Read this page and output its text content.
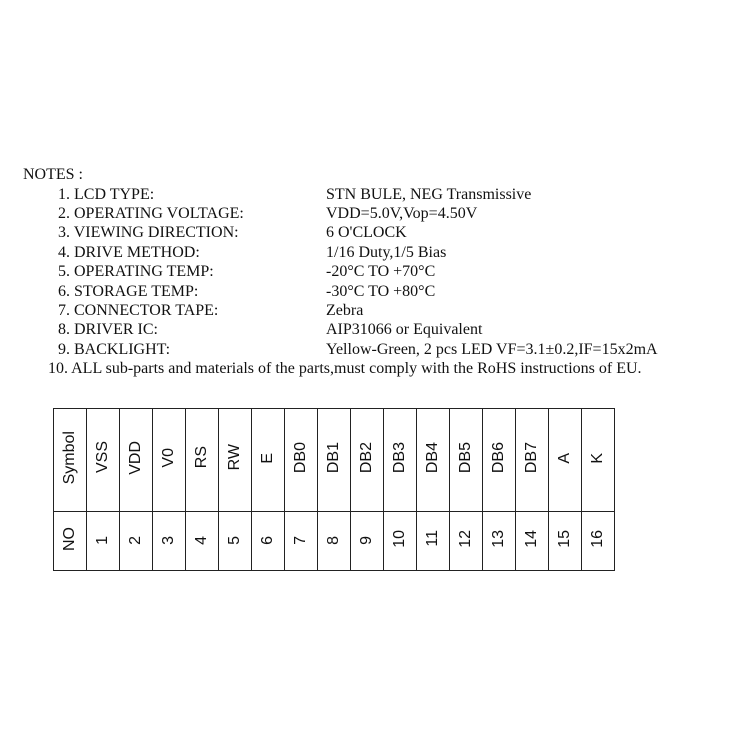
NOTES :
1. LCD TYPE:	STN BULE, NEG Transmissive
2. OPERATING VOLTAGE:	VDD=5.0V,Vop=4.50V
3. VIEWING DIRECTION:	6 O'CLOCK
4. DRIVE METHOD:	1/16 Duty,1/5 Bias
5. OPERATING TEMP:	-20°C TO +70°C
6. STORAGE TEMP:	-30°C TO +80°C
7. CONNECTOR TAPE:	Zebra
8. DRIVER IC:	AIP31066 or Equivalent
9. BACKLIGHT:	Yellow-Green, 2 pcs LED VF=3.1±0.2,IF=15x2mA
10. ALL sub-parts and materials of the parts,must comply with the RoHS instructions of EU.
Symbol	VSS	VDD	V0	RS	RW	E	DB0	DB1	DB2	DB3	DB4	DB5	DB6	DB7	A	K
NO	1	2	3	4	5	6	7	8	9	10	11	12	13	14	15	16
